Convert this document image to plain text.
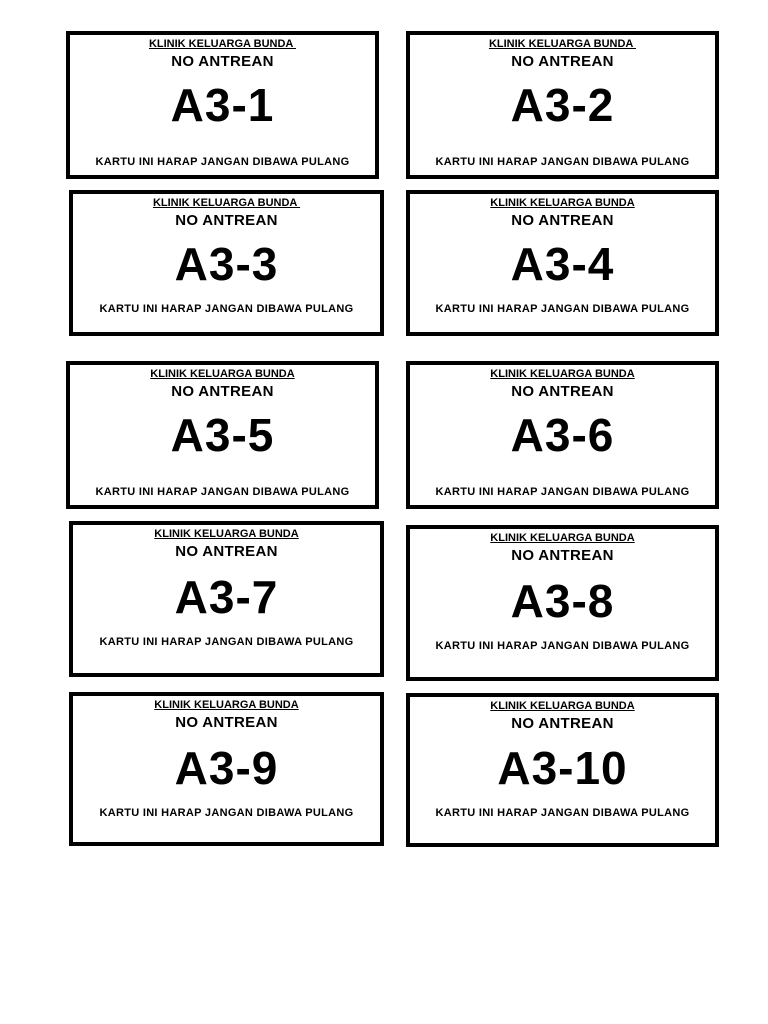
KLINIK KELUARGA BUNDA
NO ANTREAN
A3-1
KARTU INI HARAP JANGAN DIBAWA PULANG
KLINIK KELUARGA BUNDA
NO ANTREAN
A3-2
KARTU INI HARAP JANGAN DIBAWA PULANG
KLINIK KELUARGA BUNDA
NO ANTREAN
A3-3
KARTU INI HARAP JANGAN DIBAWA PULANG
KLINIK KELUARGA BUNDA
NO ANTREAN
A3-4
KARTU INI HARAP JANGAN DIBAWA PULANG
KLINIK KELUARGA BUNDA
NO ANTREAN
A3-5
KARTU INI HARAP JANGAN DIBAWA PULANG
KLINIK KELUARGA BUNDA
NO ANTREAN
A3-6
KARTU INI HARAP JANGAN DIBAWA PULANG
KLINIK KELUARGA BUNDA
NO ANTREAN
A3-7
KARTU INI HARAP JANGAN DIBAWA PULANG
KLINIK KELUARGA BUNDA
NO ANTREAN
A3-8
KARTU INI HARAP JANGAN DIBAWA PULANG
KLINIK KELUARGA BUNDA
NO ANTREAN
A3-9
KARTU INI HARAP JANGAN DIBAWA PULANG
KLINIK KELUARGA BUNDA
NO ANTREAN
A3-10
KARTU INI HARAP JANGAN DIBAWA PULANG
